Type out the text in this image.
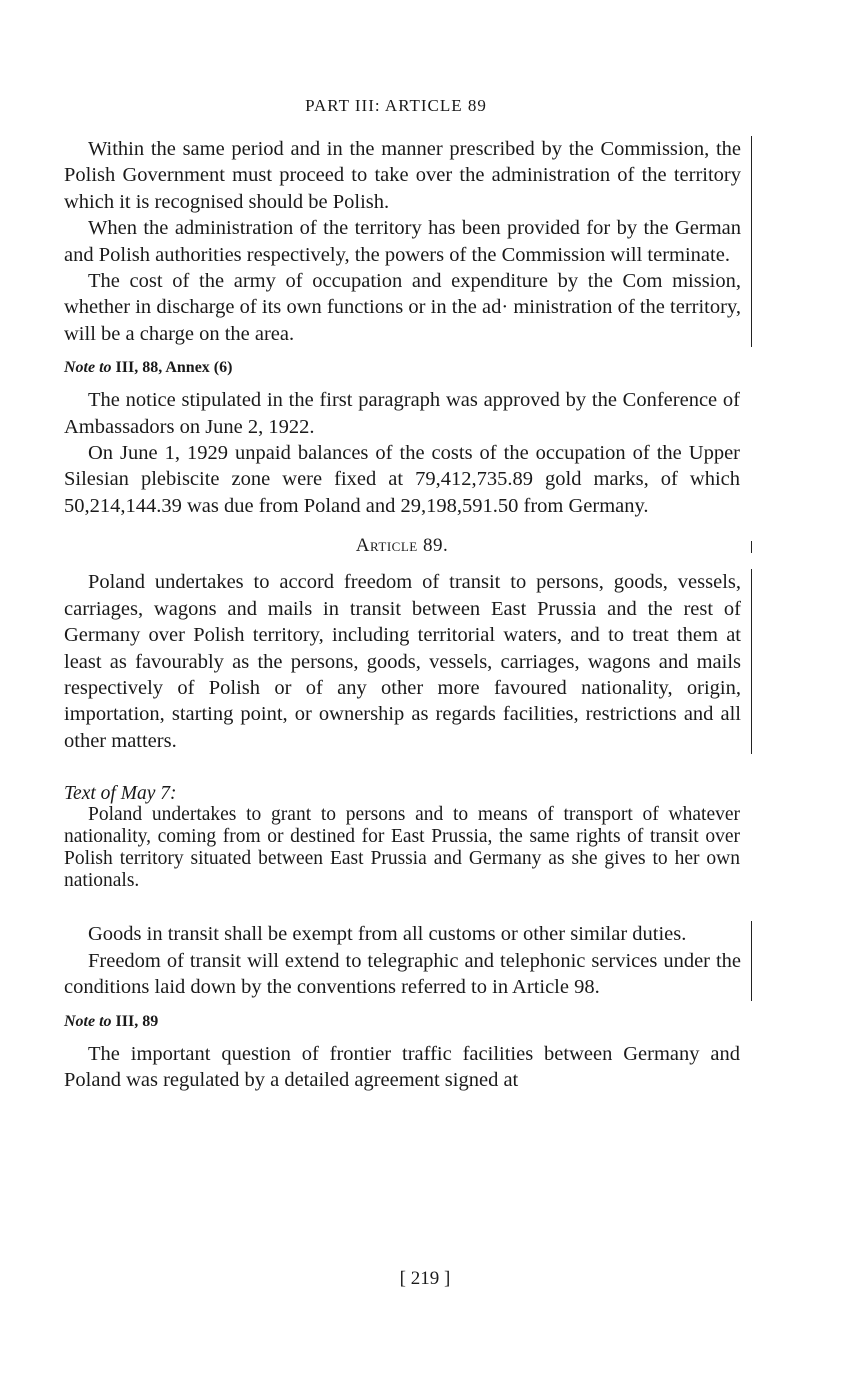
PART III: ARTICLE 89

Within the same period and in the manner prescribed by the Commission, the Polish Government must proceed to take over the administration of the territory which it is recognised should be Polish.

When the administration of the territory has been provided for by the German and Polish authorities respectively, the powers of the Commission will terminate.

The cost of the army of occupation and expenditure by the Com mission, whether in discharge of its own functions or in the ad· ministration of the territory, will be a charge on the area.

Note to III, 88, Annex (6)

The notice stipulated in the first paragraph was approved by the Conference of Ambassadors on June 2, 1922.

On June 1, 1929 unpaid balances of the costs of the occupation of the Upper Silesian plebiscite zone were fixed at 79,412,735.89 gold marks, of which 50,214,144.39 was due from Poland and 29,198,591.50 from Germany.

Article 89.

Poland undertakes to accord freedom of transit to persons, goods, vessels, carriages, wagons and mails in transit between East Prussia and the rest of Germany over Polish territory, including territorial waters, and to treat them at least as favourably as the persons, goods, vessels, carriages, wagons and mails respectively of Polish or of any other more favoured nationality, origin, importation, starting point, or ownership as regards facilities, restrictions and all other matters.

Text of May 7:

Poland undertakes to grant to persons and to means of transport of whatever nationality, coming from or destined for East Prussia, the same rights of transit over Polish territory situated between East Prussia and Germany as she gives to her own nationals.

Goods in transit shall be exempt from all customs or other similar duties.

Freedom of transit will extend to telegraphic and telephonic services under the conditions laid down by the conventions referred to in Article 98.

Note to III, 89

The important question of frontier traffic facilities between Germany and Poland was regulated by a detailed agreement signed at

[ 219 ]
